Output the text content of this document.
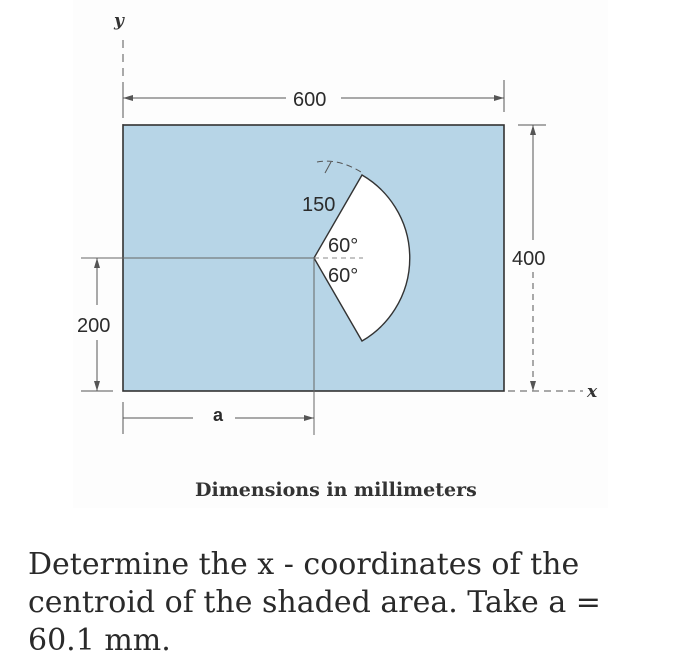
y
600
400
x
200
a
150
60°
60°
Dimensions in millimeters

Determine the x - coordinates of the centroid of the shaded area. Take a = 60.1 mm.
